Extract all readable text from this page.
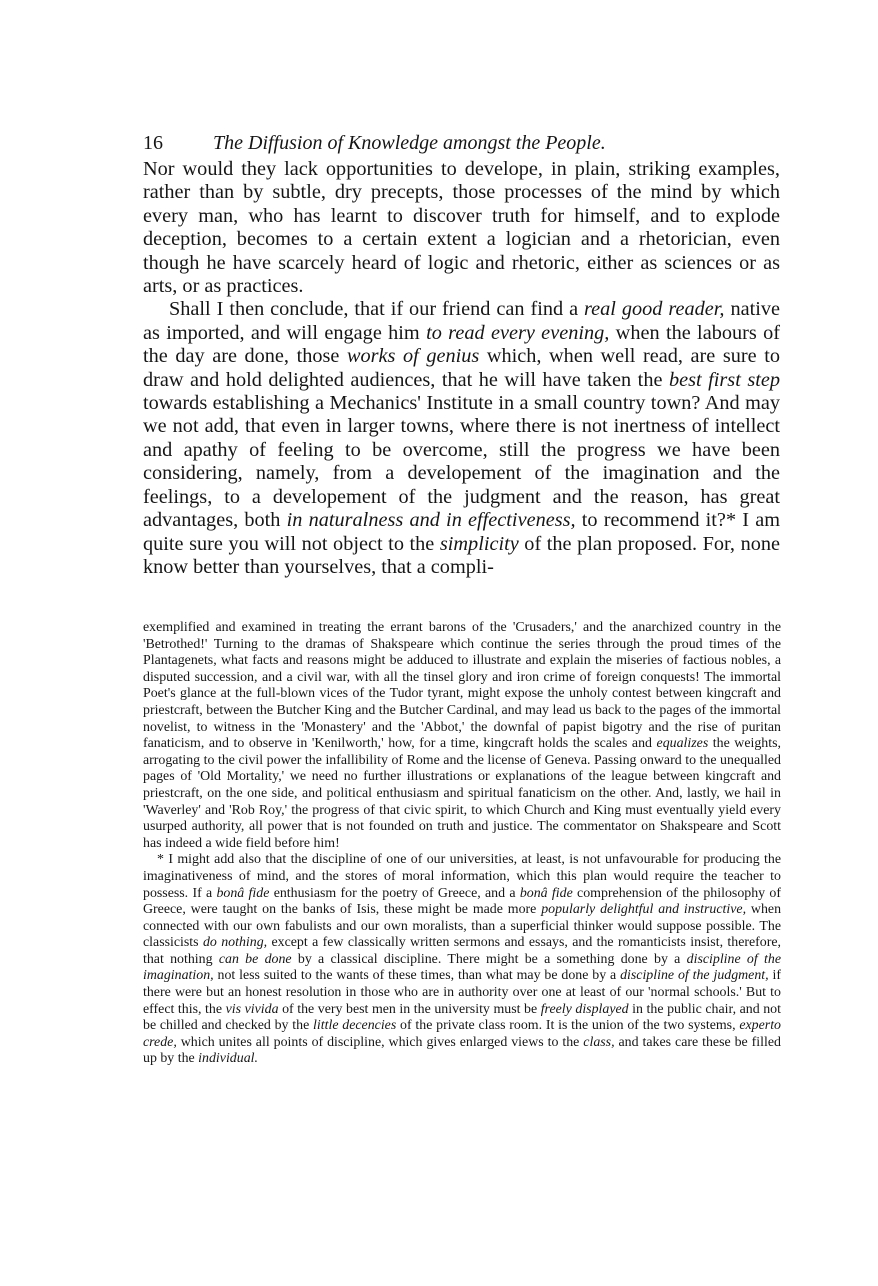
16	The Diffusion of Knowledge amongst the People.

Nor would they lack opportunities to develope, in plain, striking examples, rather than by subtle, dry precepts, those processes of the mind by which every man, who has learnt to discover truth for himself, and to explode deception, becomes to a certain extent a logician and a rhetorician, even though he have scarcely heard of logic and rhetoric, either as sciences or as arts, or as practices.

Shall I then conclude, that if our friend can find a real good reader, native as imported, and will engage him to read every evening, when the labours of the day are done, those works of genius which, when well read, are sure to draw and hold delighted audiences, that he will have taken the best first step towards establishing a Mechanics' Institute in a small country town? And may we not add, that even in larger towns, where there is not inertness of intellect and apathy of feeling to be overcome, still the progress we have been considering, namely, from a developement of the imagination and the feelings, to a developement of the judgment and the reason, has great advantages, both in naturalness and in effectiveness, to recommend it?* I am quite sure you will not object to the simplicity of the plan proposed. For, none know better than yourselves, that a compli-

exemplified and examined in treating the errant barons of the 'Crusaders,' and the anarchized country in the 'Betrothed!' Turning to the dramas of Shakspeare which continue the series through the proud times of the Plantagenets, what facts and reasons might be adduced to illustrate and explain the miseries of factious nobles, a disputed succession, and a civil war, with all the tinsel glory and iron crime of foreign conquests! The immortal Poet's glance at the full-blown vices of the Tudor tyrant, might expose the unholy contest between kingcraft and priestcraft, between the Butcher King and the Butcher Cardinal, and may lead us back to the pages of the immortal novelist, to witness in the 'Monastery' and the 'Abbot,' the downfal of papist bigotry and the rise of puritan fanaticism, and to observe in 'Kenilworth,' how, for a time, kingcraft holds the scales and equalizes the weights, arrogating to the civil power the infallibility of Rome and the license of Geneva. Passing onward to the unequalled pages of 'Old Mortality,' we need no further illustrations or explanations of the league between kingcraft and priestcraft, on the one side, and political enthusiasm and spiritual fanaticism on the other. And, lastly, we hail in 'Waverley' and 'Rob Roy,' the progress of that civic spirit, to which Church and King must eventually yield every usurped authority, all power that is not founded on truth and justice. The commentator on Shakspeare and Scott has indeed a wide field before him!

* I might add also that the discipline of one of our universities, at least, is not unfavourable for producing the imaginativeness of mind, and the stores of moral information, which this plan would require the teacher to possess. If a bonâ fide enthusiasm for the poetry of Greece, and a bonâ fide comprehension of the philosophy of Greece, were taught on the banks of Isis, these might be made more popularly delightful and instructive, when connected with our own fabulists and our own moralists, than a superficial thinker would suppose possible. The classicists do nothing, except a few classically written sermons and essays, and the romanticists insist, therefore, that nothing can be done by a classical discipline. There might be a something done by a discipline of the imagination, not less suited to the wants of these times, than what may be done by a discipline of the judgment, if there were but an honest resolution in those who are in authority over one at least of our 'normal schools.' But to effect this, the vis vivida of the very best men in the university must be freely displayed in the public chair, and not be chilled and checked by the little decencies of the private class room. It is the union of the two systems, experto crede, which unites all points of discipline, which gives enlarged views to the class, and takes care these be filled up by the individual.
